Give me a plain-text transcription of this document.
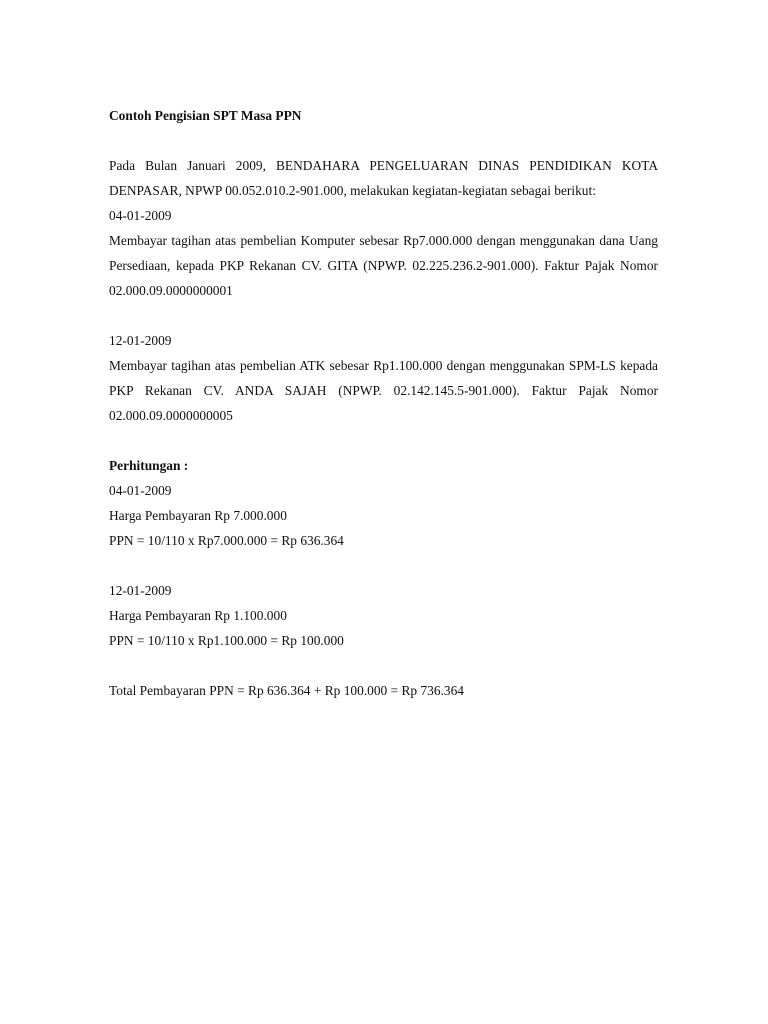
Contoh Pengisian SPT Masa PPN

Pada Bulan Januari 2009, BENDAHARA PENGELUARAN DINAS PENDIDIKAN KOTA DENPASAR, NPWP 00.052.010.2-901.000, melakukan kegiatan-kegiatan sebagai berikut:

04-01-2009

Membayar tagihan atas pembelian Komputer sebesar Rp7.000.000 dengan menggunakan dana Uang Persediaan, kepada PKP Rekanan CV. GITA (NPWP. 02.225.236.2-901.000). Faktur Pajak Nomor 02.000.09.0000000001

12-01-2009

Membayar tagihan atas pembelian ATK sebesar Rp1.100.000 dengan menggunakan SPM-LS kepada PKP Rekanan CV. ANDA SAJAH (NPWP. 02.142.145.5-901.000). Faktur Pajak Nomor 02.000.09.0000000005

Perhitungan :

04-01-2009

Harga Pembayaran Rp 7.000.000

PPN = 10/110 x Rp7.000.000 = Rp 636.364

12-01-2009

Harga Pembayaran Rp 1.100.000

PPN = 10/110 x Rp1.100.000 = Rp 100.000

Total Pembayaran PPN = Rp 636.364 + Rp 100.000 = Rp 736.364
